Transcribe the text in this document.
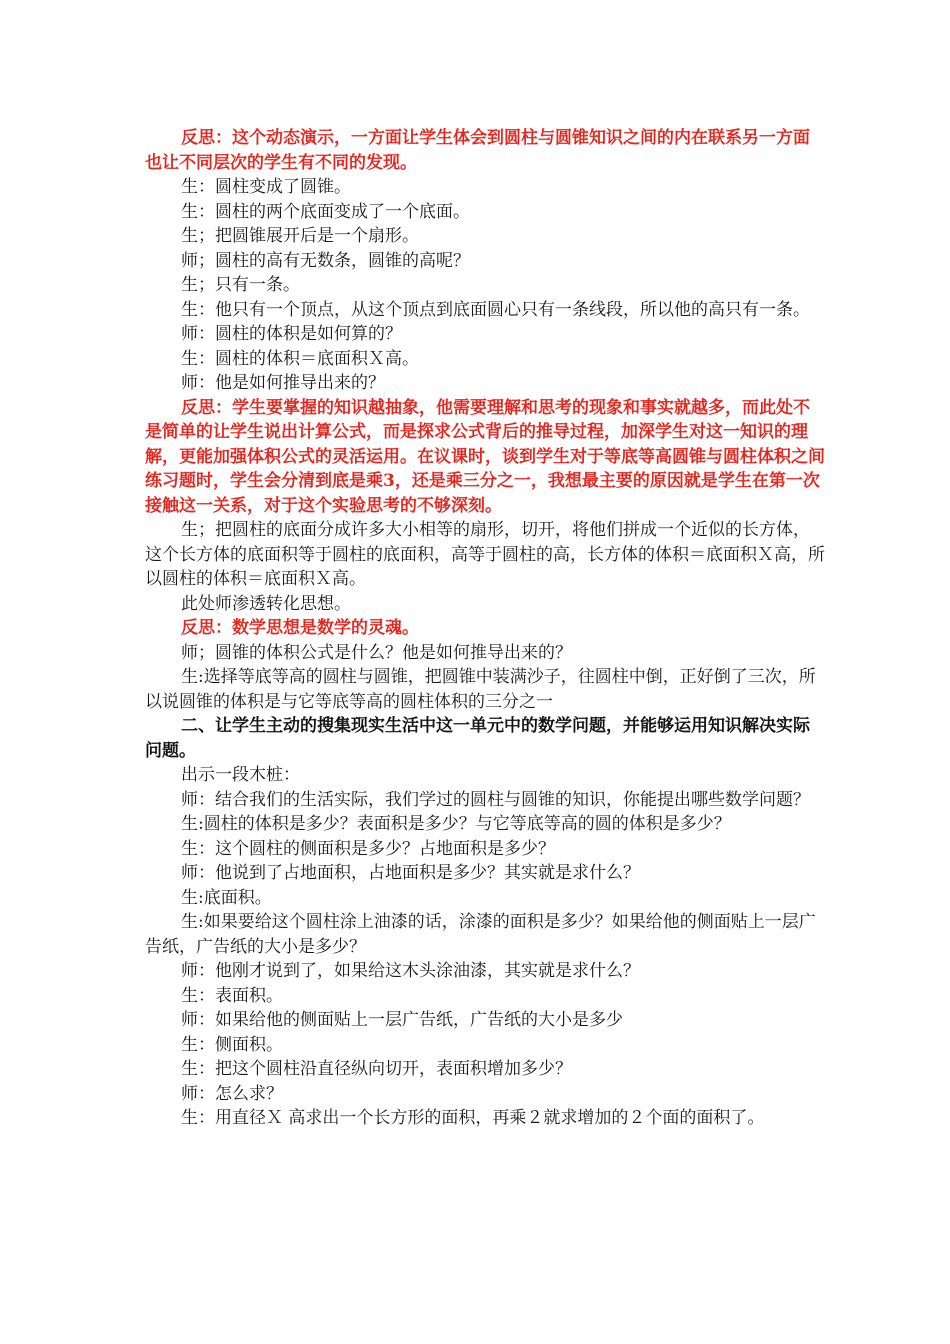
反思：这个动态演示，一方面让学生体会到圆柱与圆锥知识之间的内在联系另一方面也让不同层次的学生有不同的发现。

生：圆柱变成了圆锥。

生：圆柱的两个底面变成了一个底面。

生；把圆锥展开后是一个扇形。

师；圆柱的高有无数条，圆锥的高呢？

生；只有一条。

生：他只有一个顶点，从这个顶点到底面圆心只有一条线段，所以他的高只有一条。

师：圆柱的体积是如何算的？

生：圆柱的体积＝底面积Ｘ高。

师：他是如何推导出来的？

反思：学生要掌握的知识越抽象，他需要理解和思考的现象和事实就越多，而此处不是简单的让学生说出计算公式，而是探求公式背后的推导过程，加深学生对这一知识的理解，更能加强体积公式的灵活运用。在议课时，谈到学生对于等底等高圆锥与圆柱体积之间练习题时，学生会分清到底是乘3，还是乘三分之一，我想最主要的原因就是学生在第一次接触这一关系，对于这个实验思考的不够深刻。

生；把圆柱的底面分成许多大小相等的扇形，切开，将他们拼成一个近似的长方体，这个长方体的底面积等于圆柱的底面积，高等于圆柱的高，长方体的体积＝底面积Ｘ高，所以圆柱的体积＝底面积Ｘ高。

此处师渗透转化思想。

反思：数学思想是数学的灵魂。

师；圆锥的体积公式是什么？他是如何推导出来的？

生:选择等底等高的圆柱与圆锥，把圆锥中装满沙子，往圆柱中倒，正好倒了三次，所以说圆锥的体积是与它等底等高的圆柱体积的三分之一

二、让学生主动的搜集现实生活中这一单元中的数学问题，并能够运用知识解决实际问题。

出示一段木桩：

师：结合我们的生活实际，我们学过的圆柱与圆锥的知识，你能提出哪些数学问题？

生:圆柱的体积是多少？表面积是多少？与它等底等高的圆的体积是多少？

生：这个圆柱的侧面积是多少？占地面积是多少？

师：他说到了占地面积，占地面积是多少？其实就是求什么？

生:底面积。

生:如果要给这个圆柱涂上油漆的话，涂漆的面积是多少？如果给他的侧面贴上一层广告纸，广告纸的大小是多少？

师：他刚才说到了，如果给这木头涂油漆，其实就是求什么？

生：表面积。

师：如果给他的侧面贴上一层广告纸，广告纸的大小是多少

生：侧面积。

生：把这个圆柱沿直径纵向切开，表面积增加多少？

师：怎么求？

生：用直径Ｘ 高求出一个长方形的面积，再乘２就求增加的２个面的面积了。
